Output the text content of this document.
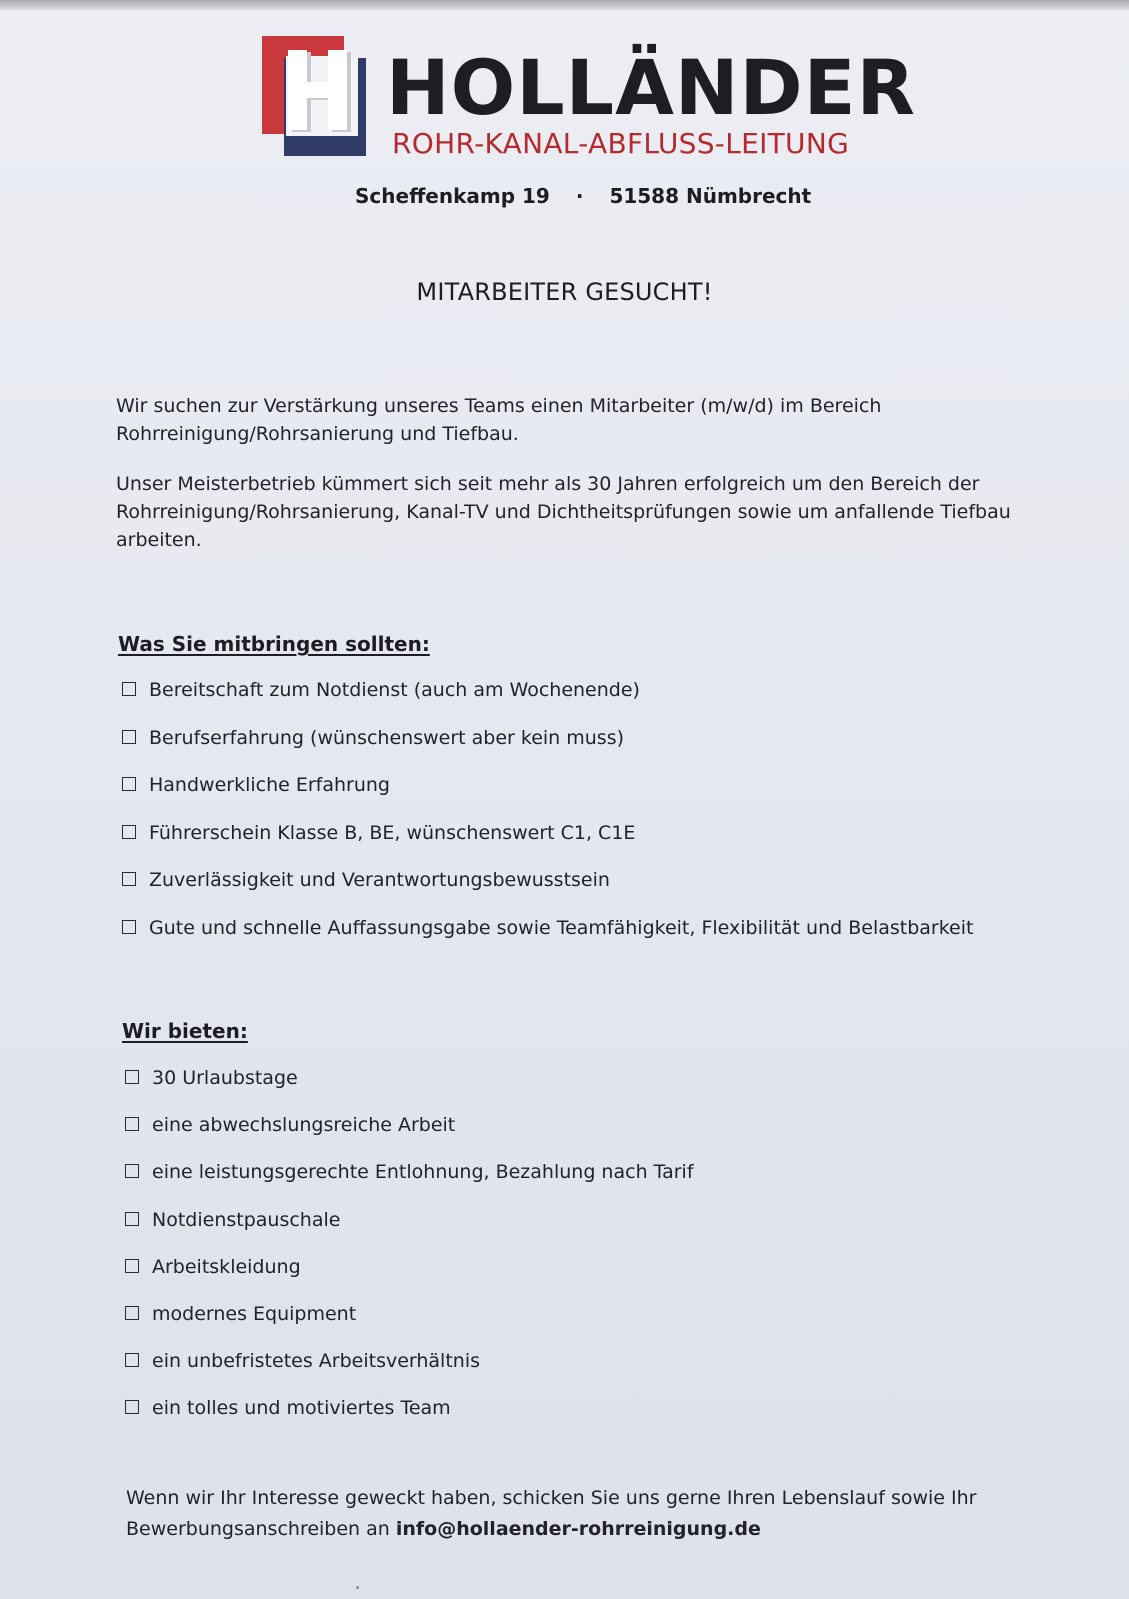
HOLLÄNDER
ROHR-KANAL-ABFLUSS-LEITUNG
Scheffenkamp 19 · 51588 Nümbrecht
MITARBEITER GESUCHT!
Wir suchen zur Verstärkung unseres Teams einen Mitarbeiter (m/w/d) im Bereich Rohrreinigung/Rohrsanierung und Tiefbau.
Unser Meisterbetrieb kümmert sich seit mehr als 30 Jahren erfolgreich um den Bereich der Rohrreinigung/Rohrsanierung, Kanal-TV und Dichtheitsprüfungen sowie um anfallende Tiefbau arbeiten.
Was Sie mitbringen sollten:
Bereitschaft zum Notdienst (auch am Wochenende)
Berufserfahrung (wünschenswert aber kein muss)
Handwerkliche Erfahrung
Führerschein Klasse B, BE, wünschenswert C1, C1E
Zuverlässigkeit und Verantwortungsbewusstsein
Gute und schnelle Auffassungsgabe sowie Teamfähigkeit, Flexibilität und Belastbarkeit
Wir bieten:
30 Urlaubstage
eine abwechslungsreiche Arbeit
eine leistungsgerechte Entlohnung, Bezahlung nach Tarif
Notdienstpauschale
Arbeitskleidung
modernes Equipment
ein unbefristetes Arbeitsverhältnis
ein tolles und motiviertes Team
Wenn wir Ihr Interesse geweckt haben, schicken Sie uns gerne Ihren Lebenslauf sowie Ihr Bewerbungsanschreiben an info@hollaender-rohrreinigung.de
